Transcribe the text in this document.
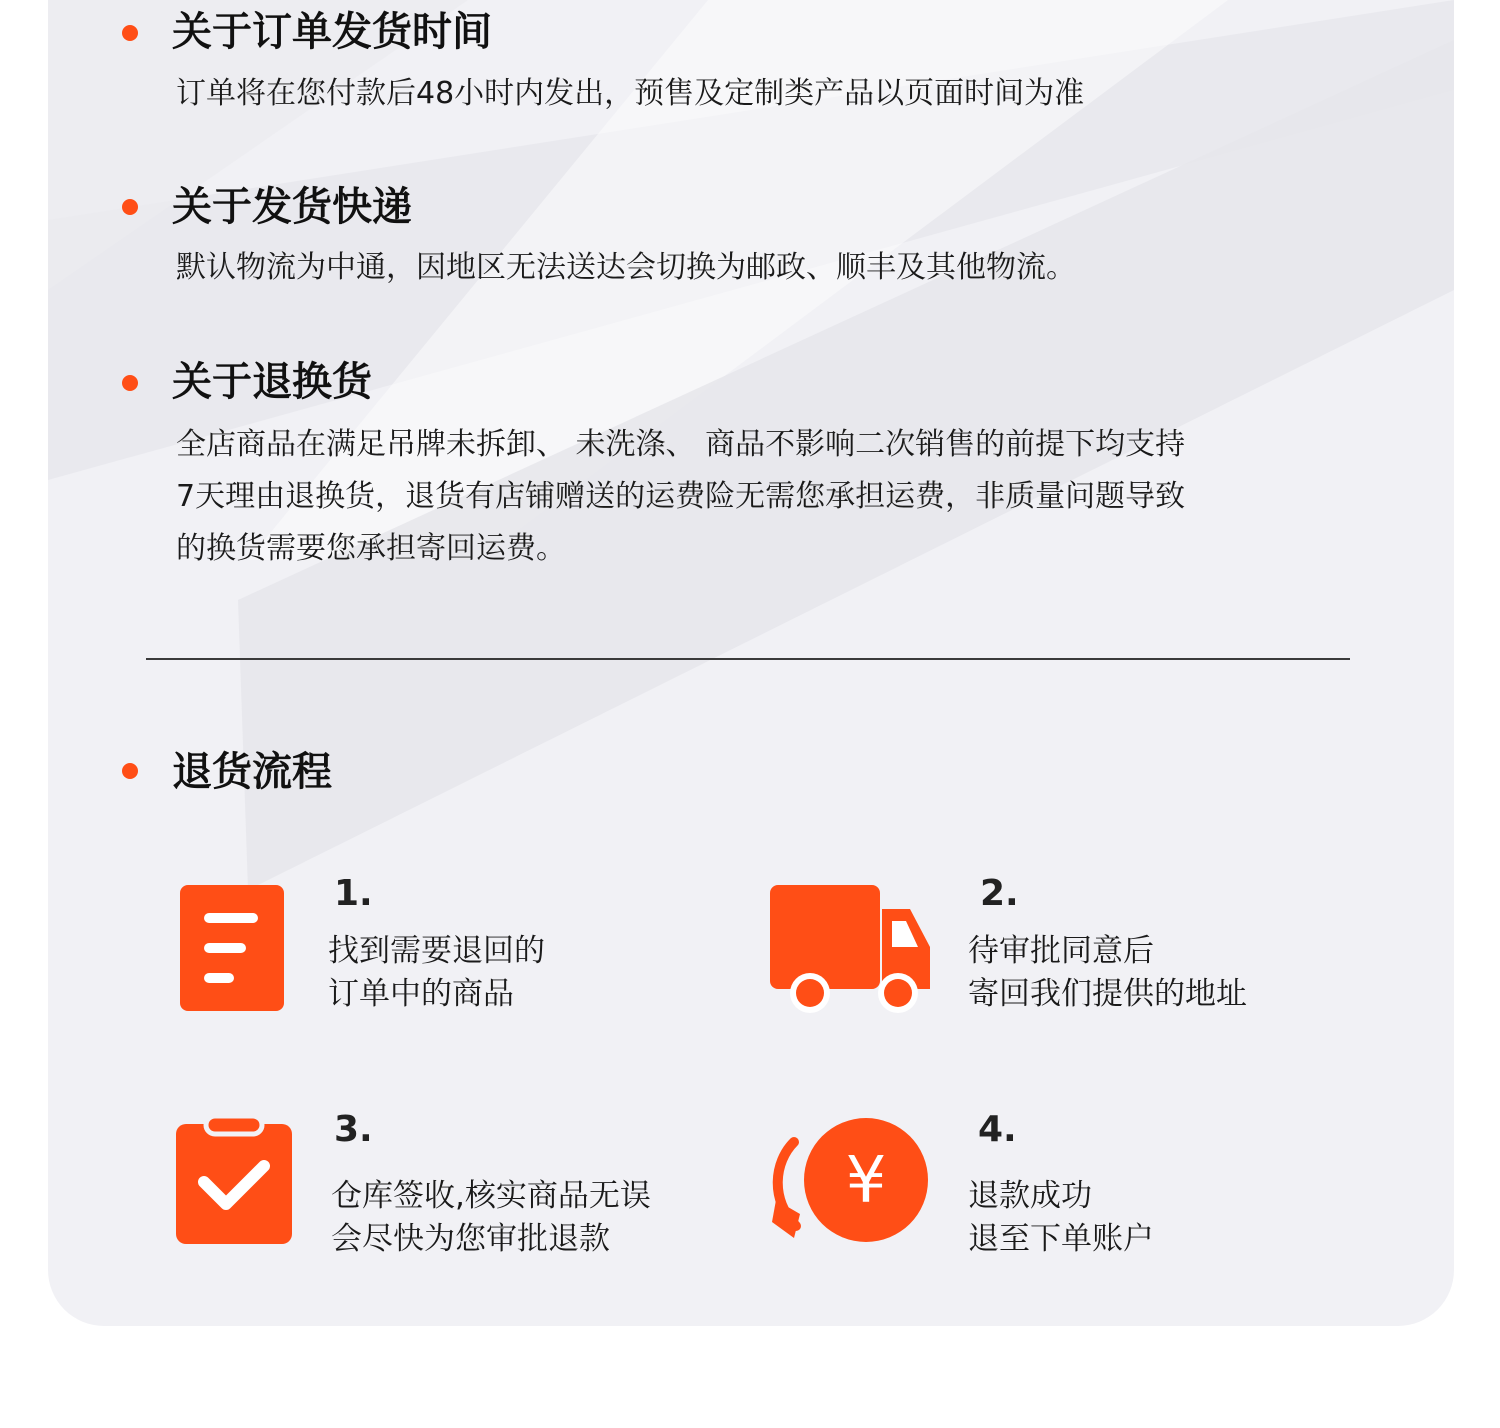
关于订单发货时间
订单将在您付款后48小时内发出，预售及定制类产品以页面时间为准
关于发货快递
默认物流为中通，因地区无法送达会切换为邮政、顺丰及其他物流。
关于退换货
全店商品在满足吊牌未拆卸、 未洗涤、 商品不影响二次销售的前提下均支持
7天理由退换货，退货有店铺赠送的运费险无需您承担运费，非质量问题导致
的换货需要您承担寄回运费。
退货流程
1.
找到需要退回的
订单中的商品
2.
待审批同意后
寄回我们提供的地址
3.
仓库签收,核实商品无误
会尽快为您审批退款
¥
4.
退款成功
退至下单账户
